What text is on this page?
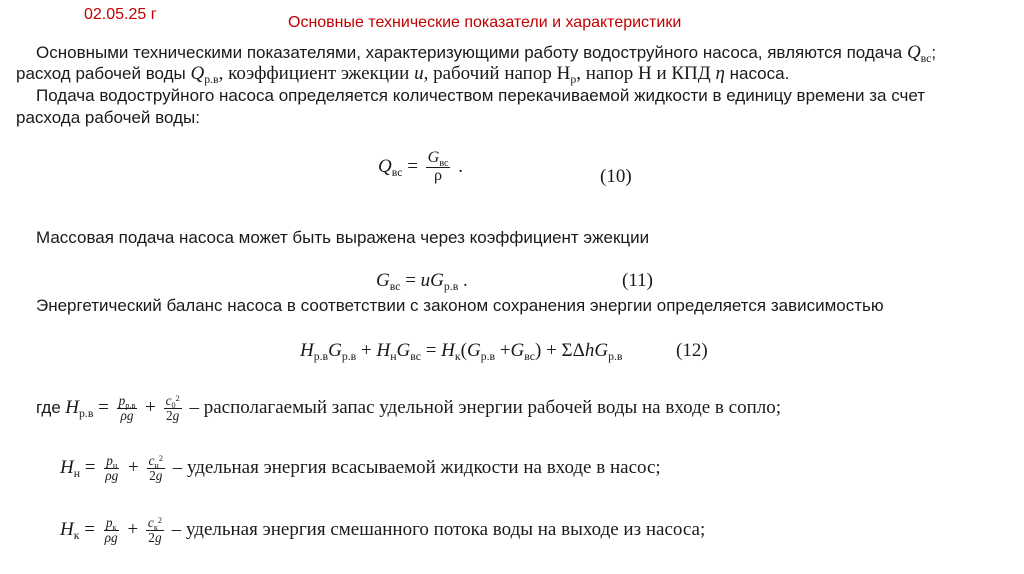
02.05.25 г	Основные технические показатели и характеристики
Основными техническими показателями, характеризующими работу водоструйного насоса, являются подача $Q_{вс}$;
расход рабочей воды $Q_{р.в}$, коэффициент эжекции u, рабочий напор $Н_р$, напор Н и КПД η насоса.
Подача водоструйного насоса определяется количеством перекачиваемой жидкости в единицу времени за счет
расхода рабочей воды:
$Q_{вс} = \frac{G_{вс}}{\rho}$ .	(10)
Массовая подача насоса может быть выражена через коэффициент эжекции
$G_{вс} = uG_{р.в}$ .	(11)
Энергетический баланс насоса в соответствии с законом сохранения энергии определяется зависимостью
$H_{р.в}G_{р.в} + H_нG_{вс} = H_к(G_{р.в} +G_{вс}) + \Sigma\Delta hG_{р.в}$	(12)
где $H_{р.в} = \frac{p_{р.в}}{\rho g} + \frac{c_0^2}{2g}$ – располагаемый запас удельной энергии рабочей воды на входе в сопло;
$H_н = \frac{p_н}{\rho g} + \frac{c_н^2}{2g}$ – удельная энергия всасываемой жидкости на входе в насос;
$H_к = \frac{p_к}{\rho g} + \frac{c_к^2}{2g}$ – удельная энергия смешанного потока воды на выходе из насоса;
